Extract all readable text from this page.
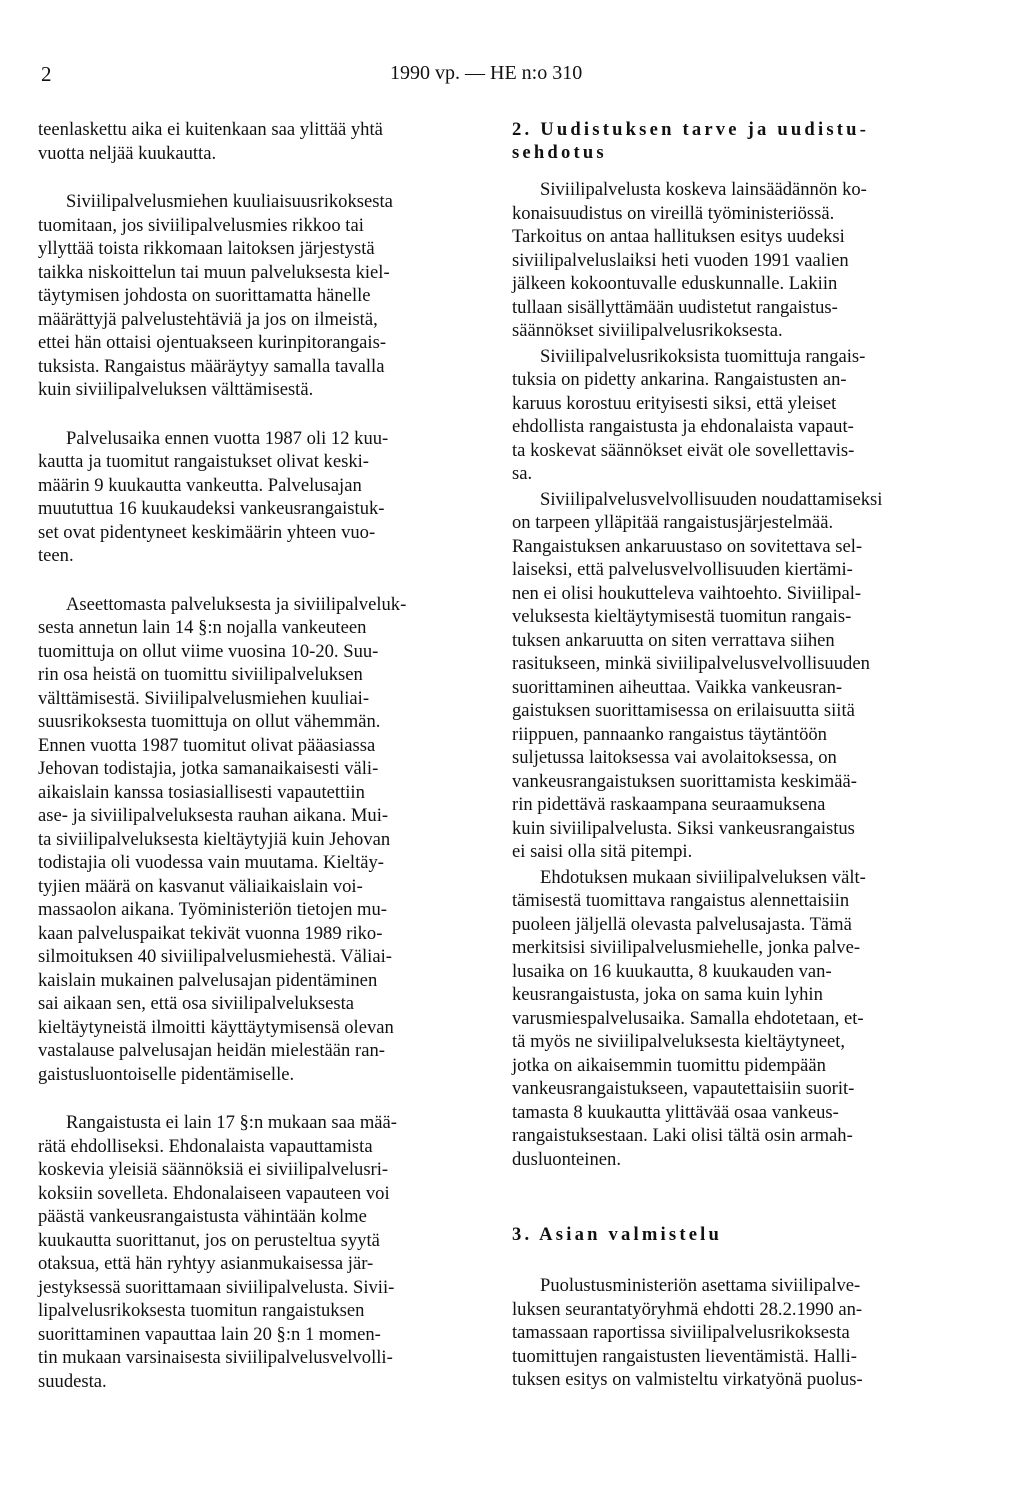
2	1990 vp. — HE n:o 310

teenlaskettu aika ei kuitenkaan saa ylittää yhtä
vuotta neljää kuukautta.

Siviilipalvelusmiehen kuuliaisuusrikoksesta
tuomitaan, jos siviilipalvelusmies rikkoo tai
yllyttää toista rikkomaan laitoksen järjestystä
taikka niskoittelun tai muun palveluksesta kiel-
täytymisen johdosta on suorittamatta hänelle
määrättyjä palvelustehtäviä ja jos on ilmeistä,
ettei hän ottaisi ojentuakseen kurinpitorangais-
tuksista. Rangaistus määräytyy samalla tavalla
kuin siviilipalveluksen välttämisestä.

Palvelusaika ennen vuotta 1987 oli 12 kuu-
kautta ja tuomitut rangaistukset olivat keski-
määrin 9 kuukautta vankeutta. Palvelusajan
muututtua 16 kuukaudeksi vankeusrangaistuk-
set ovat pidentyneet keskimäärin yhteen vuo-
teen.

Aseettomasta palveluksesta ja siviilipalveluk-
sesta annetun lain 14 §:n nojalla vankeuteen
tuomittuja on ollut viime vuosina 10-20. Suu-
rin osa heistä on tuomittu siviilipalveluksen
välttämisestä. Siviilipalvelusmiehen kuuliai-
suusrikoksesta tuomittuja on ollut vähemmän.
Ennen vuotta 1987 tuomitut olivat pääasiassa
Jehovan todistajia, jotka samanaikaisesti väli-
aikaislain kanssa tosiasiallisesti vapautettiin
ase- ja siviilipalveluksesta rauhan aikana. Mui-
ta siviilipalveluksesta kieltäytyjiä kuin Jehovan
todistajia oli vuodessa vain muutama. Kieltäy-
tyjien määrä on kasvanut väliaikaislain voi-
massaolon aikana. Työministeriön tietojen mu-
kaan palveluspaikat tekivät vuonna 1989 riko-
silmoituksen 40 siviilipalvelusmiehestä. Väliai-
kaislain mukainen palvelusajan pidentäminen
sai aikaan sen, että osa siviilipalveluksesta
kieltäytyneistä ilmoitti käyttäytymisensä olevan
vastalause palvelusajan heidän mielestään ran-
gaistusluontoiselle pidentämiselle.

Rangaistusta ei lain 17 §:n mukaan saa mää-
rätä ehdolliseksi. Ehdonalaista vapauttamista
koskevia yleisiä säännöksiä ei siviilipalvelusri-
koksiin sovelleta. Ehdonalaiseen vapauteen voi
päästä vankeusrangaistusta vähintään kolme
kuukautta suorittanut, jos on perusteltua syytä
otaksua, että hän ryhtyy asianmukaisessa jär-
jestyksessä suorittamaan siviilipalvelusta. Sivii-
lipalvelusrikoksesta tuomitun rangaistuksen
suorittaminen vapauttaa lain 20 §:n 1 momen-
tin mukaan varsinaisesta siviilipalvelusvelvolli-
suudesta.

2. Uudistuksen tarve ja uudistu-
sehdotus

Siviilipalvelusta koskeva lainsäädännön ko-
konaisuudistus on vireillä työministeriössä.
Tarkoitus on antaa hallituksen esitys uudeksi
siviilipalveluslaiksi heti vuoden 1991 vaalien
jälkeen kokoontuvalle eduskunnalle. Lakiin
tullaan sisällyttämään uudistetut rangaistus-
säännökset siviilipalvelusrikoksesta.

Siviilipalvelusrikoksista tuomittuja rangais-
tuksia on pidetty ankarina. Rangaistusten an-
karuus korostuu erityisesti siksi, että yleiset
ehdollista rangaistusta ja ehdonalaista vapaut-
ta koskevat säännökset eivät ole sovellettavis-
sa.

Siviilipalvelusvelvollisuuden noudattamiseksi
on tarpeen ylläpitää rangaistusjärjestelmää.
Rangaistuksen ankaruustaso on sovitettava sel-
laiseksi, että palvelusvelvollisuuden kiertämi-
nen ei olisi houkutteleva vaihtoehto. Siviilipal-
veluksesta kieltäytymisestä tuomitun rangais-
tuksen ankaruutta on siten verrattava siihen
rasitukseen, minkä siviilipalvelusvelvollisuuden
suorittaminen aiheuttaa. Vaikka vankeusran-
gaistuksen suorittamisessa on erilaisuutta siitä
riippuen, pannaanko rangaistus täytäntöön
suljetussa laitoksessa vai avolaitoksessa, on
vankeusrangaistuksen suorittamista keskimää-
rin pidettävä raskaampana seuraamuksena
kuin siviilipalvelusta. Siksi vankeusrangaistus
ei saisi olla sitä pitempi.

Ehdotuksen mukaan siviilipalveluksen vält-
tämisestä tuomittava rangaistus alennettaisiin
puoleen jäljellä olevasta palvelusajasta. Tämä
merkitsisi siviilipalvelusmiehelle, jonka palve-
lusaika on 16 kuukautta, 8 kuukauden van-
keusrangaistusta, joka on sama kuin lyhin
varusmiespalvelusaika. Samalla ehdotetaan, et-
tä myös ne siviilipalveluksesta kieltäytyneet,
jotka on aikaisemmin tuomittu pidempään
vankeusrangaistukseen, vapautettaisiin suorit-
tamasta 8 kuukautta ylittävää osaa vankeus-
rangaistuksestaan. Laki olisi tältä osin armah-
dusluonteinen.

3. Asian valmistelu

Puolustusministeriön asettama siviilipalve-
luksen seurantatyöryhmä ehdotti 28.2.1990 an-
tamassaan raportissa siviilipalvelusrikoksesta
tuomittujen rangaistusten lieventämistä. Halli-
tuksen esitys on valmisteltu virkatyönä puolus-
